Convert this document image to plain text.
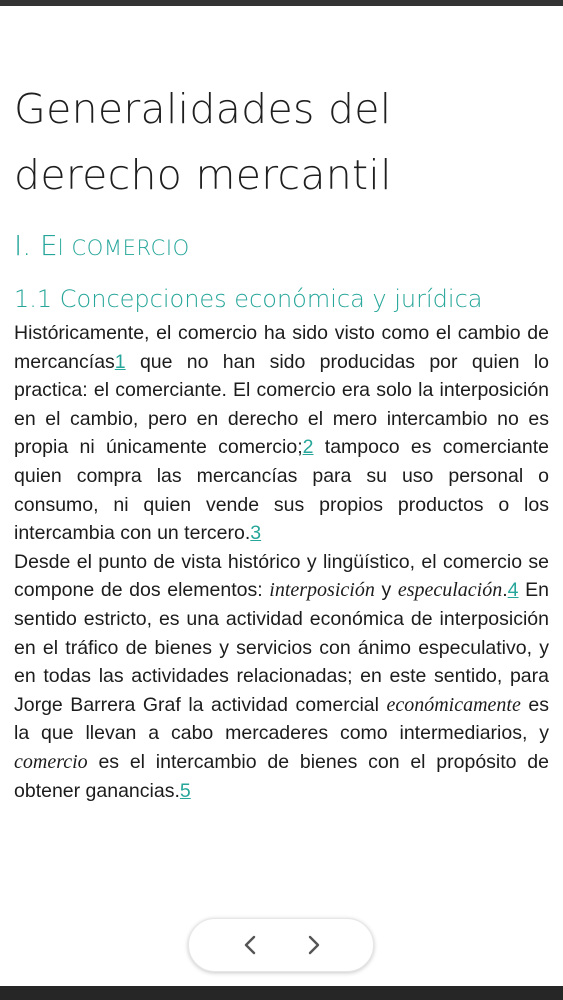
Generalidades del
derecho mercantil
I. El COMERCIO
1.1 Concepciones económica y jurídica

Históricamente, el comercio ha sido visto como el cambio de mercancías1 que no han sido producidas por quien lo practica: el comerciante. El comercio era solo la interposición en el cambio, pero en derecho el mero intercambio no es propia ni únicamente comercio;2 tampoco es comerciante quien compra las mercancías para su uso personal o consumo, ni quien vende sus propios productos o los intercambia con un tercero.3

Desde el punto de vista histórico y lingüístico, el comercio se compone de dos elementos: interposición y especulación.4 En sentido estricto, es una actividad económica de interposición en el tráfico de bienes y servicios con ánimo especulativo, y en todas las actividades relacionadas; en este sentido, para Jorge Barrera Graf la actividad comercial económicamente es la que llevan a cabo mercaderes como intermediarios, y comercio es el intercambio de bienes con el propósito de obtener ganancias.5
